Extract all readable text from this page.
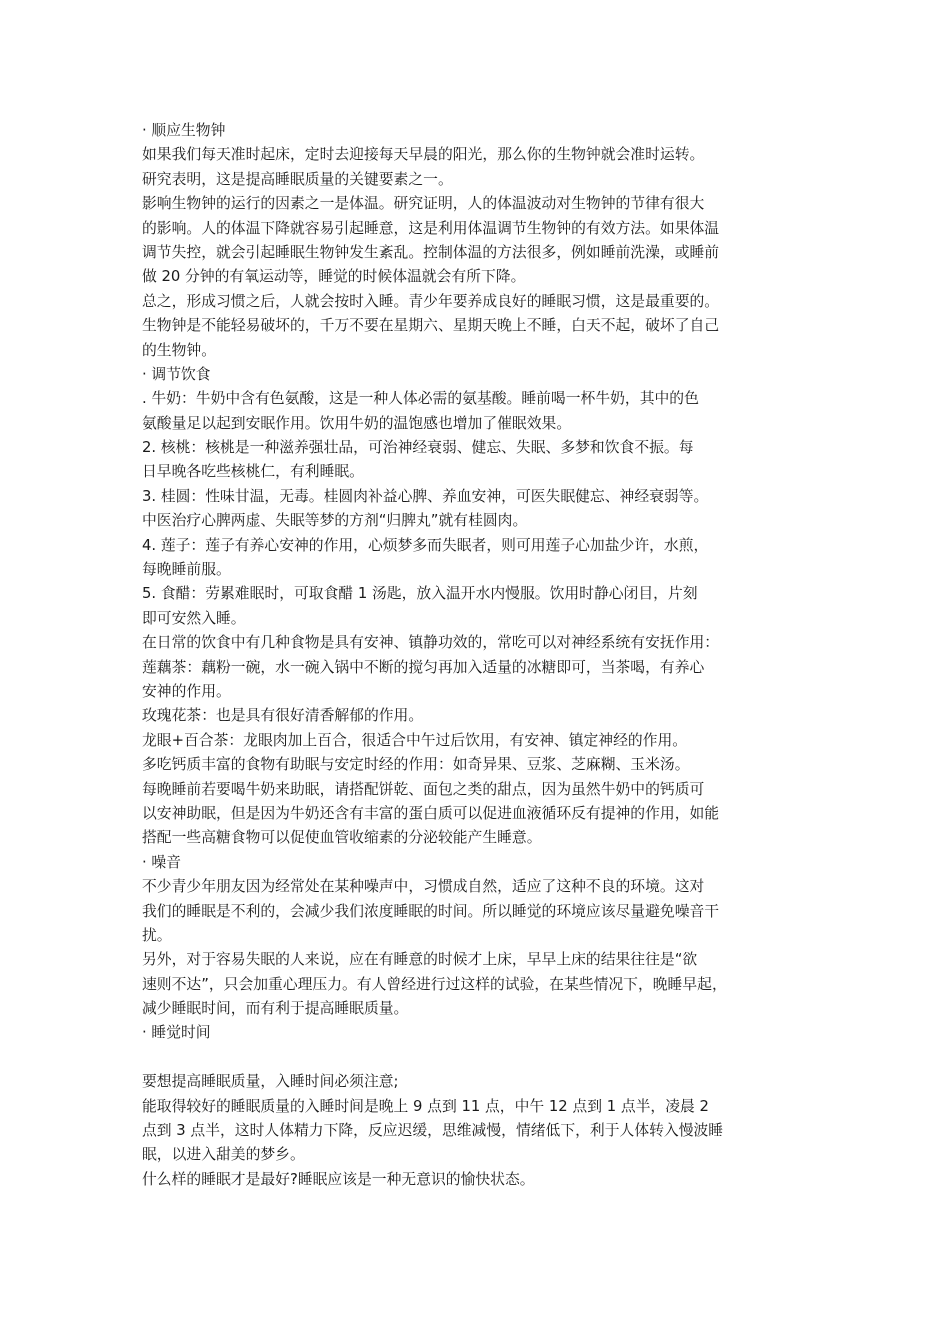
· 顺应生物钟
如果我们每天准时起床，定时去迎接每天早晨的阳光，那么你的生物钟就会准时运转。
研究表明，这是提高睡眠质量的关键要素之一。
影响生物钟的运行的因素之一是体温。研究证明，人的体温波动对生物钟的节律有很大
的影响。人的体温下降就容易引起睡意，这是利用体温调节生物钟的有效方法。如果体温
调节失控，就会引起睡眠生物钟发生紊乱。控制体温的方法很多，例如睡前洗澡，或睡前
做 20 分钟的有氧运动等，睡觉的时候体温就会有所下降。
总之，形成习惯之后，人就会按时入睡。青少年要养成良好的睡眠习惯，这是最重要的。
生物钟是不能轻易破坏的，千万不要在星期六、星期天晚上不睡，白天不起，破坏了自己
的生物钟。
· 调节饮食
. 牛奶：牛奶中含有色氨酸，这是一种人体必需的氨基酸。睡前喝一杯牛奶，其中的色
氨酸量足以起到安眠作用。饮用牛奶的温饱感也增加了催眠效果。
2. 核桃：核桃是一种滋养强壮品，可治神经衰弱、健忘、失眠、多梦和饮食不振。每
日早晚各吃些核桃仁，有利睡眠。
3. 桂圆：性味甘温，无毒。桂圆肉补益心脾、养血安神，可医失眠健忘、神经衰弱等。
中医治疗心脾两虚、失眠等梦的方剂“归脾丸”就有桂圆肉。
4. 莲子：莲子有养心安神的作用，心烦梦多而失眠者，则可用莲子心加盐少许，水煎，
每晚睡前服。
5. 食醋：劳累难眠时，可取食醋 1 汤匙，放入温开水内慢服。饮用时静心闭目，片刻
即可安然入睡。
在日常的饮食中有几种食物是具有安神、镇静功效的，常吃可以对神经系统有安抚作用：
莲藕茶：藕粉一碗，水一碗入锅中不断的搅匀再加入适量的冰糖即可，当茶喝，有养心
安神的作用。
玫瑰花茶：也是具有很好清香解郁的作用。
龙眼+百合茶：龙眼肉加上百合，很适合中午过后饮用，有安神、镇定神经的作用。
多吃钙质丰富的食物有助眠与安定时经的作用：如奇异果、豆浆、芝麻糊、玉米汤。
每晚睡前若要喝牛奶来助眠，请搭配饼乾、面包之类的甜点，因为虽然牛奶中的钙质可
以安神助眠，但是因为牛奶还含有丰富的蛋白质可以促进血液循环反有提神的作用，如能
搭配一些高糖食物可以促使血管收缩素的分泌较能产生睡意。
· 噪音
不少青少年朋友因为经常处在某种噪声中，习惯成自然，适应了这种不良的环境。这对
我们的睡眠是不利的，会减少我们浓度睡眠的时间。所以睡觉的环境应该尽量避免噪音干
扰。
另外，对于容易失眠的人来说，应在有睡意的时候才上床，早早上床的结果往往是“欲
速则不达”，只会加重心理压力。有人曾经进行过这样的试验，在某些情况下，晚睡早起，
减少睡眠时间，而有利于提高睡眠质量。
· 睡觉时间
要想提高睡眠质量，入睡时间必须注意;
能取得较好的睡眠质量的入睡时间是晚上 9 点到 11 点，中午 12 点到 1 点半，凌晨 2
点到 3 点半，这时人体精力下降，反应迟缓，思维减慢，情绪低下，利于人体转入慢波睡
眠，以进入甜美的梦乡。
什么样的睡眠才是最好?睡眠应该是一种无意识的愉快状态。
